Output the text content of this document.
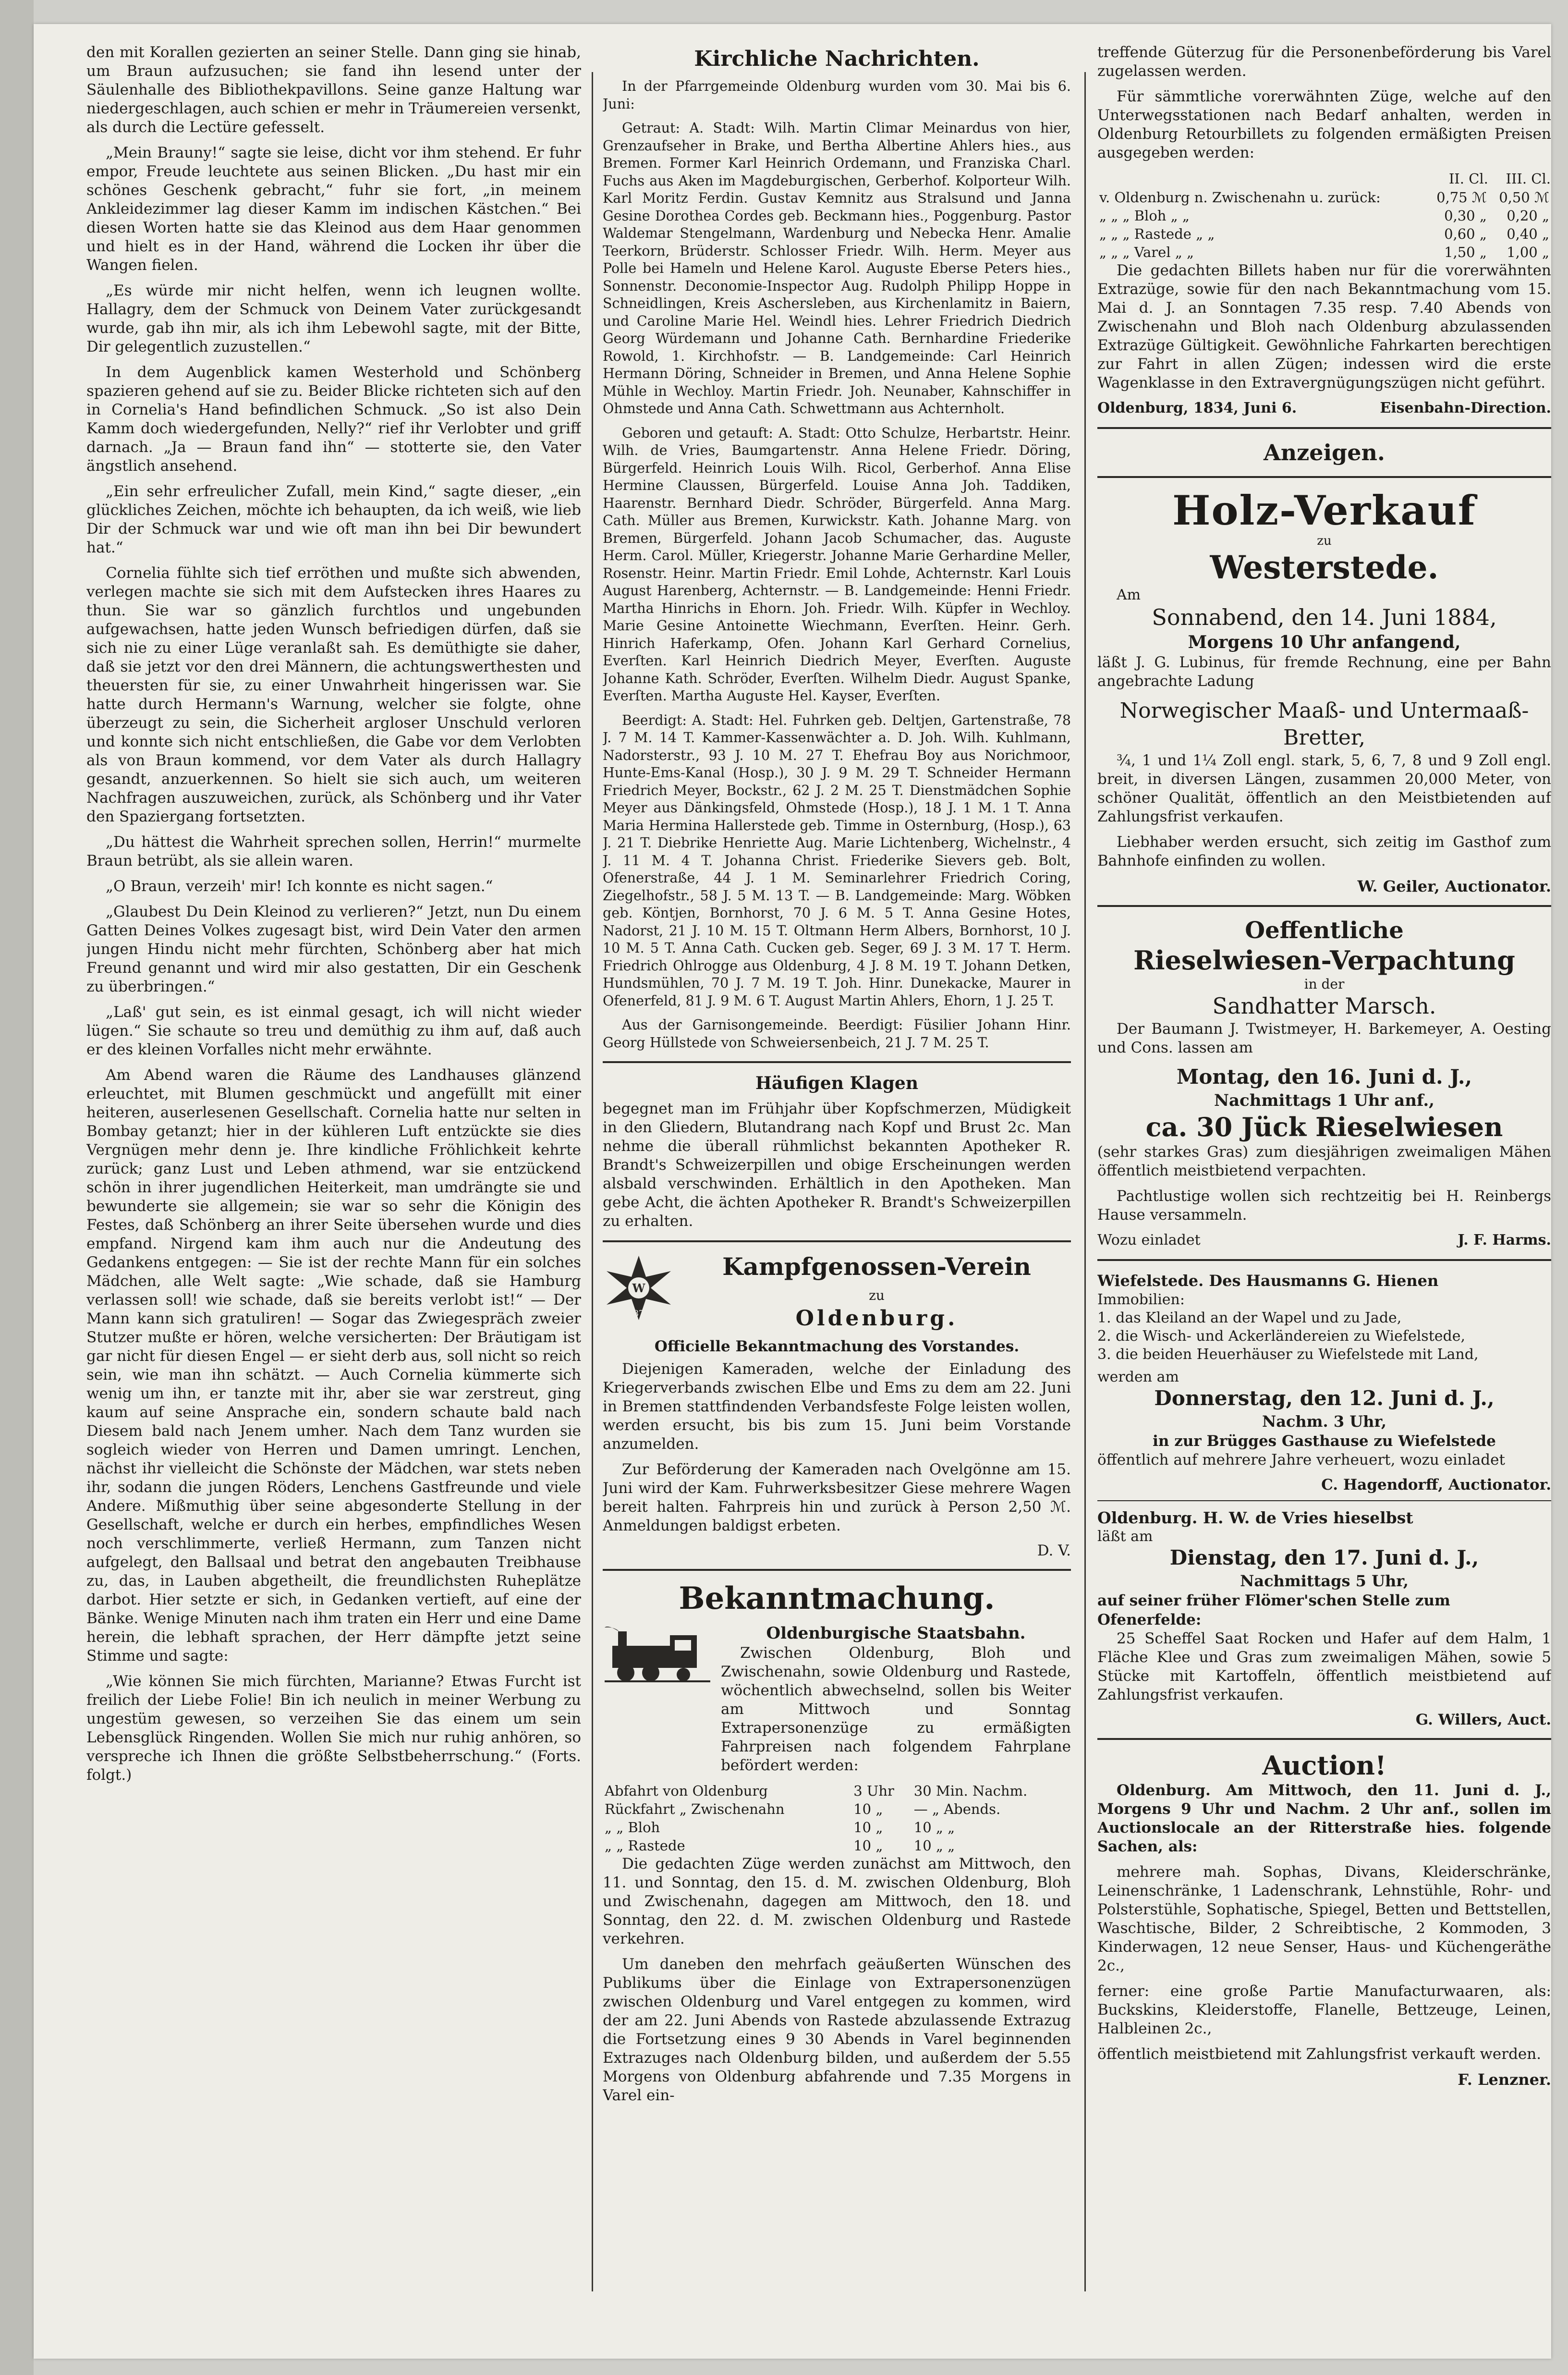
den mit Korallen gezierten an seiner Stelle. Dann ging sie hinab, um Braun aufzusuchen; sie fand ihn lesend unter der Säulenhalle des Bibliothekpavillons. Seine ganze Haltung war niedergeschlagen, auch schien er mehr in Träumereien versenkt, als durch die Lectüre gefesselt.

„Mein Brauny!“ sagte sie leise, dicht vor ihm stehend. Er fuhr empor, Freude leuchtete aus seinen Blicken. „Du hast mir ein schönes Geschenk gebracht,“ fuhr sie fort, „in meinem Ankleidezimmer lag dieser Kamm im indischen Kästchen.“ Bei diesen Worten hatte sie das Kleinod aus dem Haar genommen und hielt es in der Hand, während die Locken ihr über die Wangen fielen.

„Es würde mir nicht helfen, wenn ich leugnen wollte. Hallagry, dem der Schmuck von Deinem Vater zurückgesandt wurde, gab ihn mir, als ich ihm Lebewohl sagte, mit der Bitte, Dir gelegentlich zuzustellen.“

In dem Augenblick kamen Westerhold und Schönberg spazieren gehend auf sie zu. Beider Blicke richteten sich auf den in Cornelia's Hand befindlichen Schmuck. „So ist also Dein Kamm doch wiedergefunden, Nelly?“ rief ihr Verlobter und griff darnach. „Ja — Braun fand ihn“ — stotterte sie, den Vater ängstlich ansehend.

„Ein sehr erfreulicher Zufall, mein Kind,“ sagte dieser, „ein glückliches Zeichen, möchte ich behaupten, da ich weiß, wie lieb Dir der Schmuck war und wie oft man ihn bei Dir bewundert hat.“

Cornelia fühlte sich tief erröthen und mußte sich abwenden, verlegen machte sie sich mit dem Aufstecken ihres Haares zu thun. Sie war so gänzlich furchtlos und ungebunden aufgewachsen, hatte jeden Wunsch befriedigen dürfen, daß sie sich nie zu einer Lüge veranlaßt sah. Es demüthigte sie daher, daß sie jetzt vor den drei Männern, die achtungswerthesten und theuersten für sie, zu einer Unwahrheit hingerissen war. Sie hatte durch Hermann's Warnung, welcher sie folgte, ohne überzeugt zu sein, die Sicherheit argloser Unschuld verloren und konnte sich nicht entschließen, die Gabe vor dem Verlobten als von Braun kommend, vor dem Vater als durch Hallagry gesandt, anzuerkennen. So hielt sie sich auch, um weiteren Nachfragen auszuweichen, zurück, als Schönberg und ihr Vater den Spaziergang fortsetzten.

„Du hättest die Wahrheit sprechen sollen, Herrin!“ murmelte Braun betrübt, als sie allein waren.

„O Braun, verzeih' mir! Ich konnte es nicht sagen.“

„Glaubest Du Dein Kleinod zu verlieren?“ Jetzt, nun Du einem Gatten Deines Volkes zugesagt bist, wird Dein Vater den armen jungen Hindu nicht mehr fürchten, Schönberg aber hat mich Freund genannt und wird mir also gestatten, Dir ein Geschenk zu überbringen.“

„Laß' gut sein, es ist einmal gesagt, ich will nicht wieder lügen.“ Sie schaute so treu und demüthig zu ihm auf, daß auch er des kleinen Vorfalles nicht mehr erwähnte.

Am Abend waren die Räume des Landhauses glänzend erleuchtet, mit Blumen geschmückt und angefüllt mit einer heiteren, auserlesenen Gesellschaft. Cornelia hatte nur selten in Bombay getanzt; hier in der kühleren Luft entzückte sie dies Vergnügen mehr denn je. Ihre kindliche Fröhlichkeit kehrte zurück; ganz Lust und Leben athmend, war sie entzückend schön in ihrer jugendlichen Heiterkeit, man umdrängte sie und bewunderte sie allgemein; sie war so sehr die Königin des Festes, daß Schönberg an ihrer Seite übersehen wurde und dies empfand. Nirgend kam ihm auch nur die Andeutung des Gedankens entgegen: — Sie ist der rechte Mann für ein solches Mädchen, alle Welt sagte: „Wie schade, daß sie Hamburg verlassen soll! wie schade, daß sie bereits verlobt ist!“ — Der Mann kann sich gratuliren! — Sogar das Zwiegespräch zweier Stutzer mußte er hören, welche versicherten: Der Bräutigam ist gar nicht für diesen Engel — er sieht derb aus, soll nicht so reich sein, wie man ihn schätzt. — Auch Cornelia kümmerte sich wenig um ihn, er tanzte mit ihr, aber sie war zerstreut, ging kaum auf seine Ansprache ein, sondern schaute bald nach Diesem bald nach Jenem umher. Nach dem Tanz wurden sie sogleich wieder von Herren und Damen umringt. Lenchen, nächst ihr vielleicht die Schönste der Mädchen, war stets neben ihr, sodann die jungen Röders, Lenchens Gastfreunde und viele Andere. Mißmuthig über seine abgesonderte Stellung in der Gesellschaft, welche er durch ein herbes, empfindliches Wesen noch verschlimmerte, verließ Hermann, zum Tanzen nicht aufgelegt, den Ballsaal und betrat den angebauten Treibhause zu, das, in Lauben abgetheilt, die freundlichsten Ruheplätze darbot. Hier setzte er sich, in Gedanken vertieft, auf eine der Bänke. Wenige Minuten nach ihm traten ein Herr und eine Dame herein, die lebhaft sprachen, der Herr dämpfte jetzt seine Stimme und sagte:

„Wie können Sie mich fürchten, Marianne? Etwas Furcht ist freilich der Liebe Folie! Bin ich neulich in meiner Werbung zu ungestüm gewesen, so verzeihen Sie das einem um sein Lebensglück Ringenden. Wollen Sie mich nur ruhig anhören, so verspreche ich Ihnen die größte Selbstbeherrschung.“ (Forts. folgt.)

Kirchliche Nachrichten.

In der Pfarrgemeinde Oldenburg wurden vom 30. Mai bis 6. Juni:

Getraut: A. Stadt: Wilh. Martin Climar Meinardus von hier, Grenzaufseher in Brake, und Bertha Albertine Ahlers hies., aus Bremen. Former Karl Heinrich Ordemann, und Franziska Charl. Fuchs aus Aken im Magdeburgischen, Gerberhof. Kolporteur Wilh. Karl Moritz Ferdin. Gustav Kemnitz aus Stralsund und Janna Gesine Dorothea Cordes geb. Beckmann hies., Poggenburg. Pastor Waldemar Stengelmann, Wardenburg und Nebecka Henr. Amalie Teerkorn, Brüderstr. Schlosser Friedr. Wilh. Herm. Meyer aus Polle bei Hameln und Helene Karol. Auguste Eberse Peters hies., Sonnenstr. Deconomie-Inspector Aug. Rudolph Philipp Hoppe in Schneidlingen, Kreis Aschersleben, aus Kirchenlamitz in Baiern, und Caroline Marie Hel. Weindl hies. Lehrer Friedrich Diedrich Georg Würdemann und Johanne Cath. Bernhardine Friederike Rowold, 1. Kirchhofstr. — B. Landgemeinde: Carl Heinrich Hermann Döring, Schneider in Bremen, und Anna Helene Sophie Mühle in Wechloy. Martin Friedr. Joh. Neunaber, Kahnschiffer in Ohmstede und Anna Cath. Schwettmann aus Achternholt.

Geboren und getauft: A. Stadt: Otto Schulze, Herbartstr. Heinr. Wilh. de Vries, Baumgartenstr. Anna Helene Friedr. Döring, Bürgerfeld. Heinrich Louis Wilh. Ricol, Gerberhof. Anna Elise Hermine Claussen, Bürgerfeld. Louise Anna Joh. Taddiken, Haarenstr. Bernhard Diedr. Schröder, Bürgerfeld. Anna Marg. Cath. Müller aus Bremen, Kurwickstr. Kath. Johanne Marg. von Bremen, Bürgerfeld. Johann Jacob Schumacher, das. Auguste Herm. Carol. Müller, Kriegerstr. Johanne Marie Gerhardine Meller, Rosenstr. Heinr. Martin Friedr. Emil Lohde, Achternstr. Karl Louis August Harenberg, Achternstr. — B. Landgemeinde: Henni Friedr. Martha Hinrichs in Ehorn. Joh. Friedr. Wilh. Küpfer in Wechloy. Marie Gesine Antoinette Wiechmann, Everſten. Heinr. Gerh. Hinrich Haferkamp, Ofen. Johann Karl Gerhard Cornelius, Everſten. Karl Heinrich Diedrich Meyer, Everſten. Auguste Johanne Kath. Schröder, Everſten. Wilhelm Diedr. August Spanke, Everſten. Martha Auguste Hel. Kayser, Everſten.

Beerdigt: A. Stadt: Hel. Fuhrken geb. Deltjen, Gartenstraße, 78 J. 7 M. 14 T. Kammer-Kassenwächter a. D. Joh. Wilh. Kuhlmann, Nadorsterstr., 93 J. 10 M. 27 T. Ehefrau Boy aus Norichmoor, Hunte-Ems-Kanal (Hosp.), 30 J. 9 M. 29 T. Schneider Hermann Friedrich Meyer, Bockstr., 62 J. 2 M. 25 T. Dienstmädchen Sophie Meyer aus Dänkingsfeld, Ohmstede (Hosp.), 18 J. 1 M. 1 T. Anna Maria Hermina Hallerstede geb. Timme in Osternburg, (Hosp.), 63 J. 21 T. Diebrike Henriette Aug. Marie Lichtenberg, Wichelnstr., 4 J. 11 M. 4 T. Johanna Christ. Friederike Sievers geb. Bolt, Ofenerstraße, 44 J. 1 M. Seminarlehrer Friedrich Coring, Ziegelhofstr., 58 J. 5 M. 13 T. — B. Landgemeinde: Marg. Wöbken geb. Köntjen, Bornhorst, 70 J. 6 M. 5 T. Anna Gesine Hotes, Nadorst, 21 J. 10 M. 15 T. Oltmann Herm Albers, Bornhorst, 10 J. 10 M. 5 T. Anna Cath. Cucken geb. Seger, 69 J. 3 M. 17 T. Herm. Friedrich Ohlrogge aus Oldenburg, 4 J. 8 M. 19 T. Johann Detken, Hundsmühlen, 70 J. 7 M. 19 T. Joh. Hinr. Dunekacke, Maurer in Ofenerfeld, 81 J. 9 M. 6 T. August Martin Ahlers, Ehorn, 1 J. 25 T.

Aus der Garnisongemeinde. Beerdigt: Füsilier Johann Hinr. Georg Hüllstede von Schweiersenbeich, 21 J. 7 M. 25 T.

Häufigen Klagen

begegnet man im Frühjahr über Kopfschmerzen, Müdigkeit in den Gliedern, Blutandrang nach Kopf und Brust 2c. Man nehme die überall rühmlichst bekannten Apotheker R. Brandt's Schweizerpillen und obige Erscheinungen werden alsbald verschwinden. Erhältlich in den Apotheken. Man gebe Acht, die ächten Apotheker R. Brandt's Schweizerpillen zu erhalten.

W
1870
Kampfgenossen-Verein
zu
Oldenburg.
Officielle Bekanntmachung des Vorstandes.

Diejenigen Kameraden, welche der Einladung des Kriegerverbands zwischen Elbe und Ems zu dem am 22. Juni in Bremen stattfindenden Verbandsfeste Folge leisten wollen, werden ersucht, bis bis zum 15. Juni beim Vorstande anzumelden.

Zur Beförderung der Kameraden nach Ovelgönne am 15. Juni wird der Kam. Fuhrwerksbesitzer Giese mehrere Wagen bereit halten. Fahrpreis hin und zurück à Person 2,50 ℳ. Anmeldungen baldigst erbeten.

D. V.
Bekanntmachung.
Oldenburgische Staatsbahn.

Zwischen Oldenburg, Bloh und Zwischenahn, sowie Oldenburg und Rastede, wöchentlich abwechselnd, sollen bis Weiter am Mittwoch und Sonntag Extrapersonenzüge zu ermäßigten Fahrpreisen nach folgendem Fahrplane befördert werden:

Abfahrt von Oldenburg	3 Uhr	30 Min. Nachm.
Rückfahrt „ Zwischenahn	10 „	— „ Abends.
„ „ Bloh	10 „	10 „ „
„ „ Rastede	10 „	10 „ „

Die gedachten Züge werden zunächst am Mittwoch, den 11. und Sonntag, den 15. d. M. zwischen Oldenburg, Bloh und Zwischenahn, dagegen am Mittwoch, den 18. und Sonntag, den 22. d. M. zwischen Oldenburg und Rastede verkehren.

Um daneben den mehrfach geäußerten Wünschen des Publikums über die Einlage von Extrapersonenzügen zwischen Oldenburg und Varel entgegen zu kommen, wird der am 22. Juni Abends von Rastede abzulassende Extrazug die Fortsetzung eines 9 30 Abends in Varel beginnenden Extrazuges nach Oldenburg bilden, und außerdem der 5.55 Morgens von Oldenburg abfahrende und 7.35 Morgens in Varel ein-

treffende Güterzug für die Personenbeförderung bis Varel zugelassen werden.

Für sämmtliche vorerwähnten Züge, welche auf den Unterwegsstationen nach Bedarf anhalten, werden in Oldenburg Retourbillets zu folgenden ermäßigten Preisen ausgegeben werden:

	II. Cl.	III. Cl.
v. Oldenburg n. Zwischenahn u. zurück:	0,75 ℳ	0,50 ℳ
„ „ „ Bloh „ „	0,30 „	0,20 „
„ „ „ Rastede „ „	0,60 „	0,40 „
„ „ „ Varel „ „	1,50 „	1,00 „

Die gedachten Billets haben nur für die vorerwähnten Extrazüge, sowie für den nach Bekanntmachung vom 15. Mai d. J. an Sonntagen 7.35 resp. 7.40 Abends von Zwischenahn und Bloh nach Oldenburg abzulassenden Extrazüge Gültigkeit. Gewöhnliche Fahrkarten berechtigen zur Fahrt in allen Zügen; indessen wird die erste Wagenklasse in den Extravergnügungszügen nicht geführt.

Oldenburg, 1834, Juni 6.	Eisenbahn-Direction.
Anzeigen.
Holz-Verkauf
zu
Westerstede.
Am
Sonnabend, den 14. Juni 1884,
Morgens 10 Uhr anfangend,

läßt J. G. Lubinus, für fremde Rechnung, eine per Bahn angebrachte Ladung

Norwegischer Maaß- und Untermaaß-Bretter,

¾, 1 und 1¼ Zoll engl. stark, 5, 6, 7, 8 und 9 Zoll engl. breit, in diversen Längen, zusammen 20,000 Meter, von schöner Qualität, öffentlich an den Meistbietenden auf Zahlungsfrist verkaufen.

Liebhaber werden ersucht, sich zeitig im Gasthof zum Bahnhofe einfinden zu wollen.

W. Geiler, Auctionator.
Oeffentliche
Rieselwiesen-Verpachtung
in der
Sandhatter Marsch.

Der Baumann J. Twistmeyer, H. Barkemeyer, A. Oesting und Cons. lassen am

Montag, den 16. Juni d. J.,
Nachmittags 1 Uhr anf.,
ca. 30 Jück Rieselwiesen

(sehr starkes Gras) zum diesjährigen zweimaligen Mähen öffentlich meistbietend verpachten.

Pachtlustige wollen sich rechtzeitig bei H. Reinbergs Hause versammeln.

Wozu einladet	J. F. Harms.
Wiefelstede. Des Hausmanns G. Hienen
Immobilien:
1. das Kleiland an der Wapel und zu Jade,
2. die Wisch- und Ackerländereien zu Wiefelstede,
3. die beiden Heuerhäuser zu Wiefelstede mit Land,
werden am
Donnerstag, den 12. Juni d. J.,
Nachm. 3 Uhr,
in zur Brügges Gasthause zu Wiefelstede

öffentlich auf mehrere Jahre verheuert, wozu einladet

C. Hagendorff, Auctionator.
Oldenburg. H. W. de Vries hieselbst
läßt am
Dienstag, den 17. Juni d. J.,
Nachmittags 5 Uhr,
auf seiner früher Flömer'schen Stelle zum Ofenerfelde:

25 Scheffel Saat Rocken und Hafer auf dem Halm, 1 Fläche Klee und Gras zum zweimaligen Mähen, sowie 5 Stücke mit Kartoffeln, öffentlich meistbietend auf Zahlungsfrist verkaufen.

G. Willers, Auct.
Auction!

Oldenburg. Am Mittwoch, den 11. Juni d. J., Morgens 9 Uhr und Nachm. 2 Uhr anf., sollen im Auctionslocale an der Ritterstraße hies. folgende Sachen, als:

mehrere mah. Sophas, Divans, Kleiderschränke, Leinenschränke, 1 Ladenschrank, Lehnstühle, Rohr- und Polsterstühle, Sophatische, Spiegel, Betten und Bettstellen, Waschtische, Bilder, 2 Schreibtische, 2 Kommoden, 3 Kinderwagen, 12 neue Senser, Haus- und Küchengeräthe 2c.,

ferner: eine große Partie Manufacturwaaren, als: Buckskins, Kleiderstoffe, Flanelle, Bettzeuge, Leinen, Halbleinen 2c.,

öffentlich meistbietend mit Zahlungsfrist verkauft werden.

F. Lenzner.
